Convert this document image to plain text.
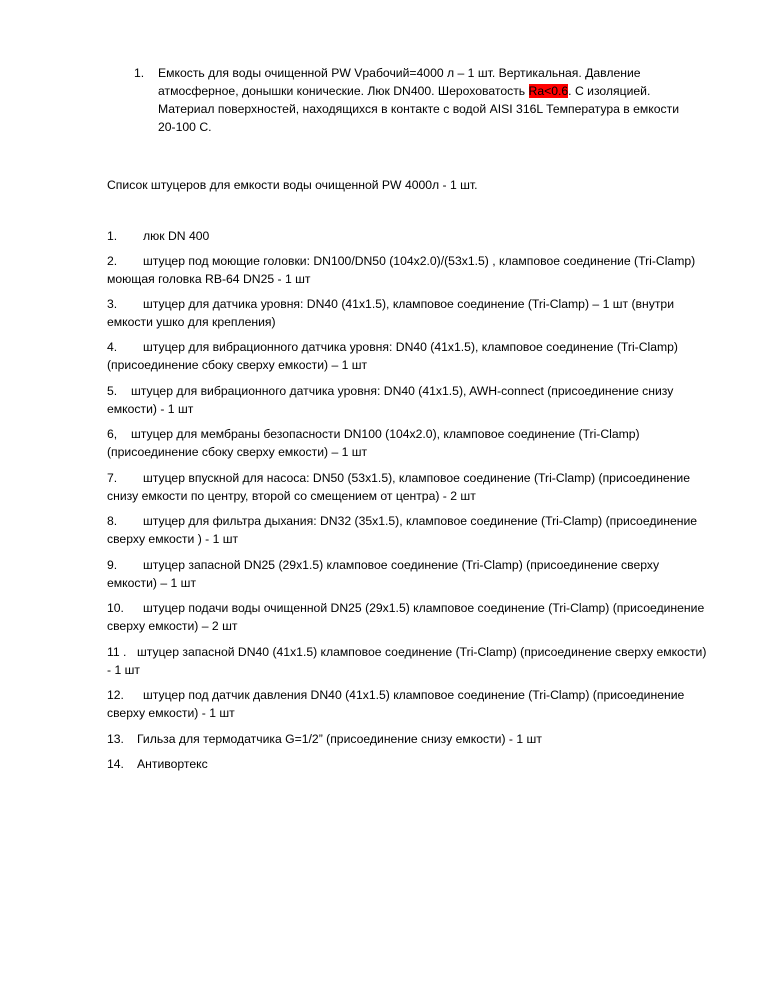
1.	Емкость для воды очищенной PW Vрабочий=4000 л – 1 шт. Вертикальная. Давление атмосферное, донышки конические. Люк DN400. Шероховатость Ra<0.6. С изоляцией. Материал поверхностей, находящихся в контакте с водой AISI 316L Температура в емкости 20-100 С.
Список штуцеров для емкости воды очищенной PW 4000л - 1 шт.
1. люк DN 400
2. штуцер под моющие головки: DN100/DN50 (104x2.0)/(53x1.5) , кламповое соединение (Tri-Clamp) моющая головка RB-64 DN25 - 1 шт
3. штуцер для датчика уровня: DN40 (41x1.5), кламповое соединение (Tri-Clamp) – 1 шт (внутри емкости ушко для крепления)
4. штуцер для вибрационного датчика уровня: DN40 (41x1.5), кламповое соединение (Tri-Clamp) (присоединение сбоку сверху емкости) – 1 шт
5. штуцер для вибрационного датчика уровня: DN40 (41x1.5), AWH-connect (присоединение снизу емкости) - 1 шт
6, штуцер для мембраны безопасности DN100 (104x2.0), кламповое соединение (Tri-Clamp) (присоединение сбоку сверху емкости) – 1 шт
7. штуцер впускной для насоса: DN50 (53x1.5), кламповое соединение (Tri-Clamp) (присоединение снизу емкости по центру, второй со смещением от центра) - 2 шт
8. штуцер для фильтра дыхания: DN32 (35x1.5), кламповое соединение (Tri-Clamp) (присоединение сверху емкости ) - 1 шт
9. штуцер запасной DN25 (29x1.5) кламповое соединение (Tri-Clamp) (присоединение сверху емкости) – 1 шт
10. штуцер подачи воды очищенной DN25 (29x1.5) кламповое соединение (Tri-Clamp) (присоединение сверху емкости) – 2 шт
11 . штуцер запасной DN40 (41x1.5) кламповое соединение (Tri-Clamp) (присоединение сверху емкости) - 1 шт
12. штуцер под датчик давления DN40 (41x1.5) кламповое соединение (Tri-Clamp) (присоединение сверху емкости) - 1 шт
13. Гильза для термодатчика G=1/2” (присоединение снизу емкости) - 1 шт
14. Антивортекс
